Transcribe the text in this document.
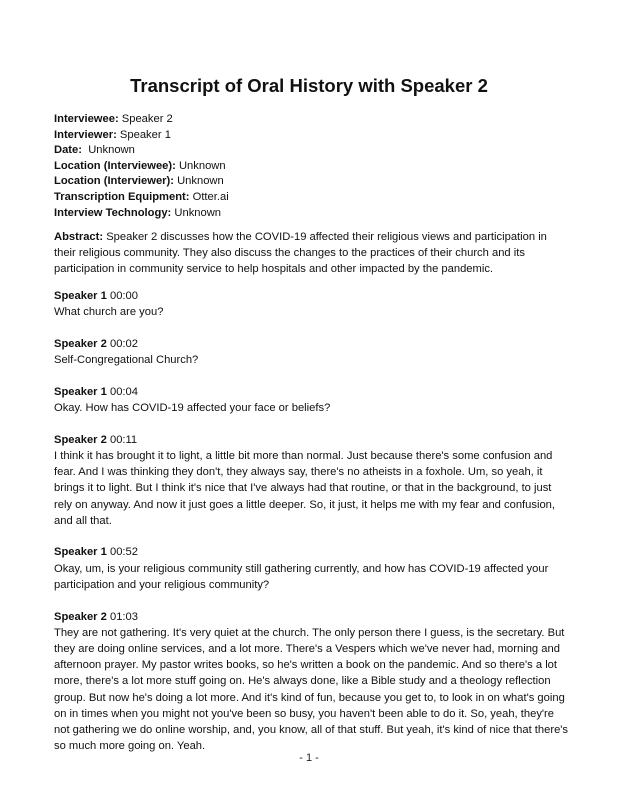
Transcript of Oral History with Speaker 2
Interviewee: Speaker 2
Interviewer: Speaker 1
Date:  Unknown
Location (Interviewee): Unknown
Location (Interviewer): Unknown
Transcription Equipment: Otter.ai
Interview Technology: Unknown

Abstract: Speaker 2 discusses how the COVID-19 affected their religious views and participation in their religious community. They also discuss the changes to the practices of their church and its participation in community service to help hospitals and other impacted by the pandemic.

Speaker 1 00:00

What church are you?

Speaker 2 00:02

Self-Congregational Church?

Speaker 1 00:04

Okay. How has COVID-19 affected your face or beliefs?

Speaker 2 00:11

I think it has brought it to light, a little bit more than normal. Just because there's some confusion and fear. And I was thinking they don't, they always say, there's no atheists in a foxhole. Um, so yeah, it brings it to light. But I think it's nice that I've always had that routine, or that in the background, to just rely on anyway. And now it just goes a little deeper. So, it just, it helps me with my fear and confusion, and all that.

Speaker 1 00:52

Okay, um, is your religious community still gathering currently, and how has COVID-19 affected your participation and your religious community?

Speaker 2 01:03

They are not gathering. It's very quiet at the church. The only person there I guess, is the secretary. But they are doing online services, and a lot more. There's a Vespers which we've never had, morning and afternoon prayer. My pastor writes books, so he's written a book on the pandemic. And so there's a lot more, there's a lot more stuff going on. He's always done, like a Bible study and a theology reflection group. But now he's doing a lot more. And it's kind of fun, because you get to, to look in on what's going on in times when you might not you've been so busy, you haven't been able to do it. So, yeah, they're not gathering we do online worship, and, you know, all of that stuff. But yeah, it's kind of nice that there's so much more going on. Yeah.

- 1 -
